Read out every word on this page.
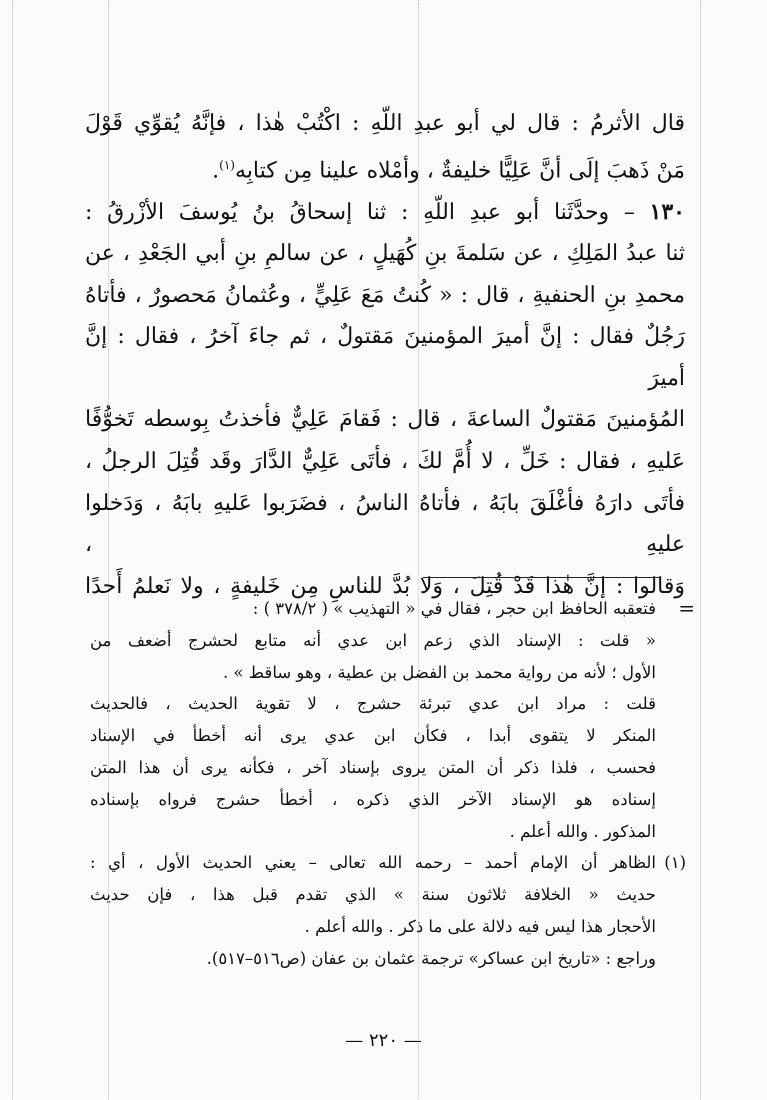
قال الأثرمُ : قال لي أبو عبدِ اللّهِ : اكْتُبْ هٰذا ، فإنَّهُ يُقوِّي قَوْلَ

مَنْ ذَهبَ إلَى أنَّ عَلِيًّا خليفةٌ ، وأمْلاه علينا مِن كتابِه$^{(١)}$.

١٣٠ – وحدَّثَنا أبو عبدِ اللّهِ : ثنا إسحاقُ بنُ يُوسفَ الأزْرقُ :

ثنا عبدُ المَلِكِ ، عن سَلمةَ بنِ كُهَيلٍ ، عن سالمِ بنِ أبي الجَعْدِ ، عن

محمدِ بنِ الحنفيةِ ، قال : « كُنتُ مَعَ عَلِيٍّ ، وعُثمانُ مَحصورٌ ، فأتاهُ

رَجُلٌ فقال : إنَّ أميرَ المؤمنينَ مَقتولٌ ، ثم جاءَ آخرُ ، فقال : إنَّ أميرَ

المُؤمنينَ مَقتولٌ الساعةَ ، قال : فَقامَ عَلِيٌّ فأخذتُ بِوسطه تَخوُّفًا

عَليهِ ، فقال : خَلِّ ، لا أُمَّ لكَ ، فأتَى عَلِيٌّ الدَّارَ وقَد قُتِلَ الرجلُ ،

فأتَى دارَهُ فأغْلَقَ بابَهُ ، فأتاهُ الناسُ ، فضَرَبوا عَليهِ بابَهُ ، وَدَخلوا عليهِ ،

وَقالوا : إنَّ هٰذا قَدْ قُتِلَ ، وَلا بُدَّ للناسِ مِن خَليفةٍ ، ولا نَعلمُ أَحدًا

=

فتعقبه الحافظ ابن حجر ، فقال في « التهذيب » ( ٣٧٨/٢ ) :

« قلت : الإسناد الذي زعم ابن عدي أنه متابع لحشرج أضعف من

الأول ؛ لأنه من رواية محمد بن الفضل بن عطية ، وهو ساقط » .

قلت : مراد ابن عدي تبرئة حشرج ، لا تقوية الحديث ، فالحديث

المنكر لا يتقوى أبدا ، فكأن ابن عدي يرى أنه أخطأ في الإسناد

فحسب ، فلذا ذكر أن المتن يروى بإسناد آخر ، فكأنه يرى أن هذا المتن

إسناده هو الإسناد الآخر الذي ذكره ، أخطأ حشرج فرواه بإسناده

المذكور . والله أعلم .

(١)

الظاهر أن الإمام أحمد – رحمه الله تعالى – يعني الحديث الأول ، أي :

حديث « الخلافة ثلاثون سنة » الذي تقدم قبل هذا ، فإن حديث

الأحجار هذا ليس فيه دلالة على ما ذكر . والله أعلم .

وراجع : «تاريخ ابن عساكر» ترجمة عثمان بن عفان (ص٥١٦–٥١٧).

— ٢٢٠ —
